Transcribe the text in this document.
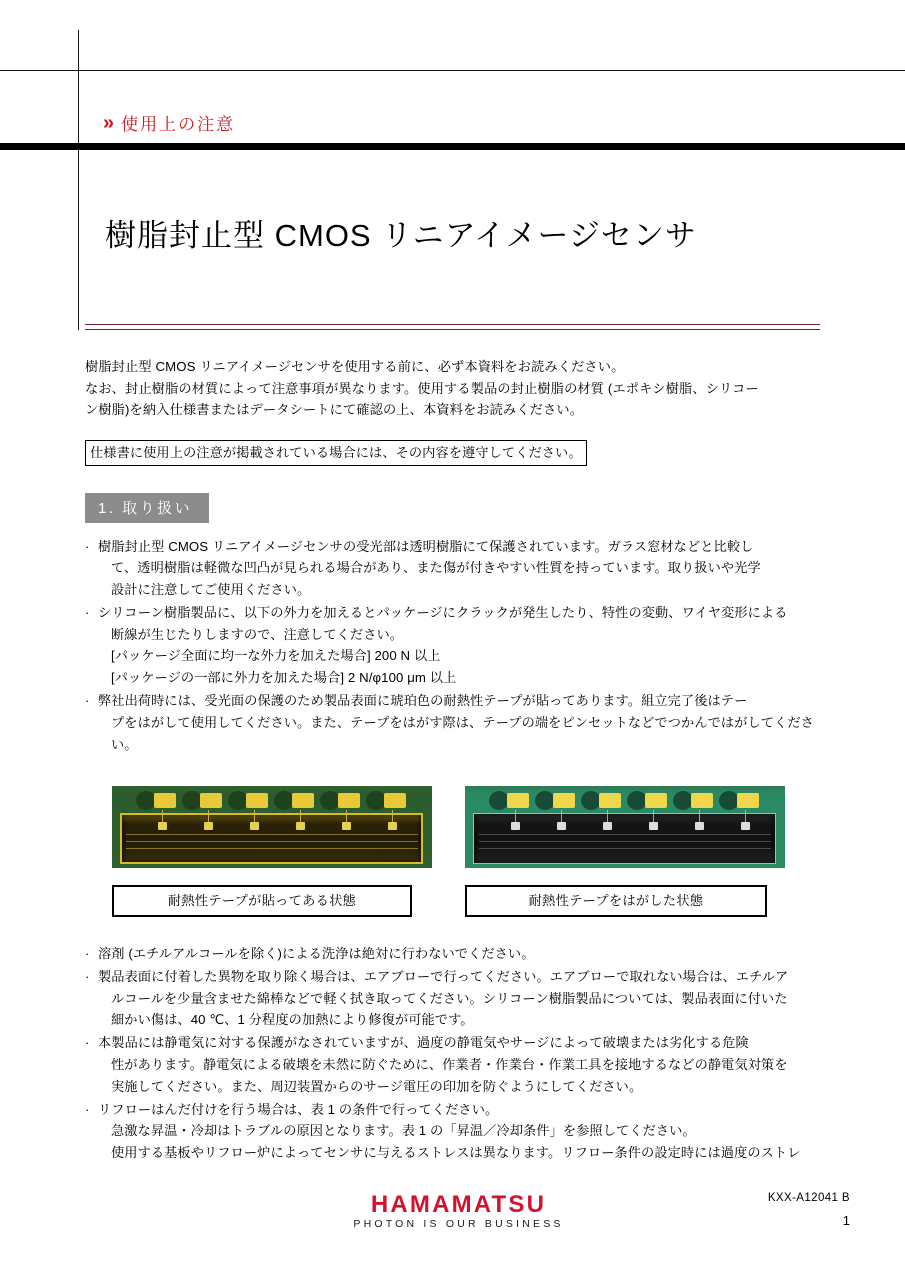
» 使用上の注意
樹脂封止型 CMOS リニアイメージセンサ
樹脂封止型 CMOS リニアイメージセンサを使用する前に、必ず本資料をお読みください。
なお、封止樹脂の材質によって注意事項が異なります。使用する製品の封止樹脂の材質 (エポキシ樹脂、シリコー
ン樹脂)を納入仕様書またはデータシートにて確認の上、本資料をお読みください。
仕様書に使用上の注意が掲載されている場合には、その内容を遵守してください。
1. 取り扱い
· 樹脂封止型 CMOS リニアイメージセンサの受光部は透明樹脂にて保護されています。ガラス窓材などと比較し
て、透明樹脂は軽微な凹凸が見られる場合があり、また傷が付きやすい性質を持っています。取り扱いや光学
設計に注意してご使用ください。
· シリコーン樹脂製品に、以下の外力を加えるとパッケージにクラックが発生したり、特性の変動、ワイヤ変形による
断線が生じたりしますので、注意してください。
[パッケージ全面に均一な外力を加えた場合] 200 N 以上
[パッケージの一部に外力を加えた場合] 2 N/φ100 μm 以上
· 弊社出荷時には、受光面の保護のため製品表面に琥珀色の耐熱性テープが貼ってあります。組立完了後はテー
プをはがして使用してください。また、テープをはがす際は、テープの端をピンセットなどでつかんではがしてくださ
い。
耐熱性テープが貼ってある状態	耐熱性テープをはがした状態
· 溶剤 (エチルアルコールを除く)による洗浄は絶対に行わないでください。
· 製品表面に付着した異物を取り除く場合は、エアブローで行ってください。エアブローで取れない場合は、エチルア
ルコールを少量含ませた綿棒などで軽く拭き取ってください。シリコーン樹脂製品については、製品表面に付いた
細かい傷は、40 ℃、1 分程度の加熱により修復が可能です。
· 本製品には静電気に対する保護がなされていますが、過度の静電気やサージによって破壊または劣化する危険
性があります。静電気による破壊を未然に防ぐために、作業者・作業台・作業工具を接地するなどの静電気対策を
実施してください。また、周辺装置からのサージ電圧の印加を防ぐようにしてください。
· リフローはんだ付けを行う場合は、表 1 の条件で行ってください。
急激な昇温・冷却はトラブルの原因となります。表 1 の「昇温／冷却条件」を参照してください。
使用する基板やリフロー炉によってセンサに与えるストレスは異なります。リフロー条件の設定時には過度のストレ
HAMAMATSU
PHOTON IS OUR BUSINESS
KXX-A12041 B
1
